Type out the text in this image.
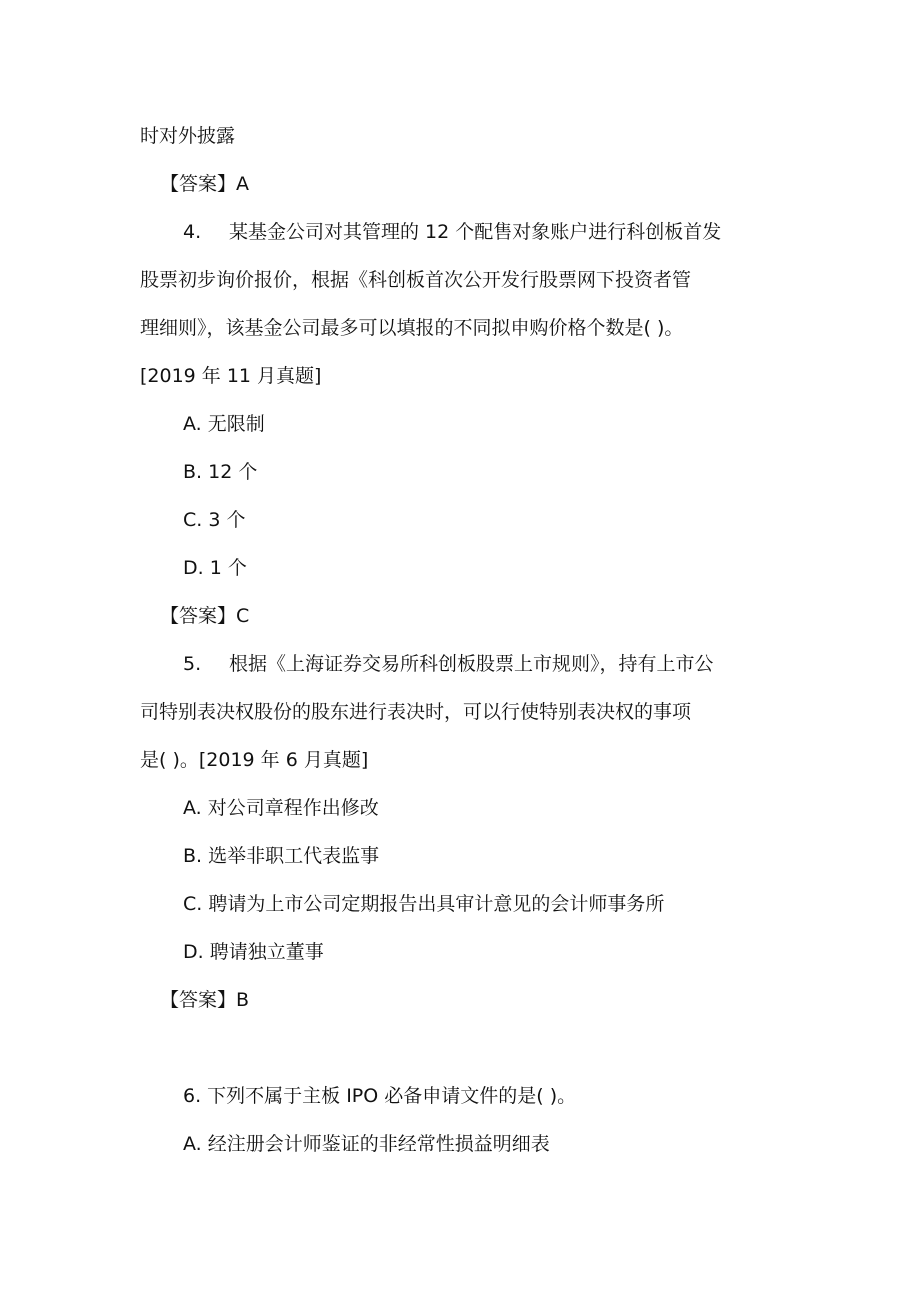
时对外披露
【答案】A
4. 某基金公司对其管理的 12 个配售对象账户进行科创板首发
股票初步询价报价，根据《科创板首次公开发行股票网下投资者管
理细则》，该基金公司最多可以填报的不同拟申购价格个数是( )。
[2019 年 11 月真题]
A. 无限制
B. 12 个
C. 3 个
D. 1 个
【答案】C
5. 根据《上海证券交易所科创板股票上市规则》，持有上市公
司特别表决权股份的股东进行表决时，可以行使特别表决权的事项
是( )。[2019 年 6 月真题]
A. 对公司章程作出修改
B. 选举非职工代表监事
C. 聘请为上市公司定期报告出具审计意见的会计师事务所
D. 聘请独立董事
【答案】B
6. 下列不属于主板 IPO 必备申请文件的是( )。
A. 经注册会计师鉴证的非经常性损益明细表
